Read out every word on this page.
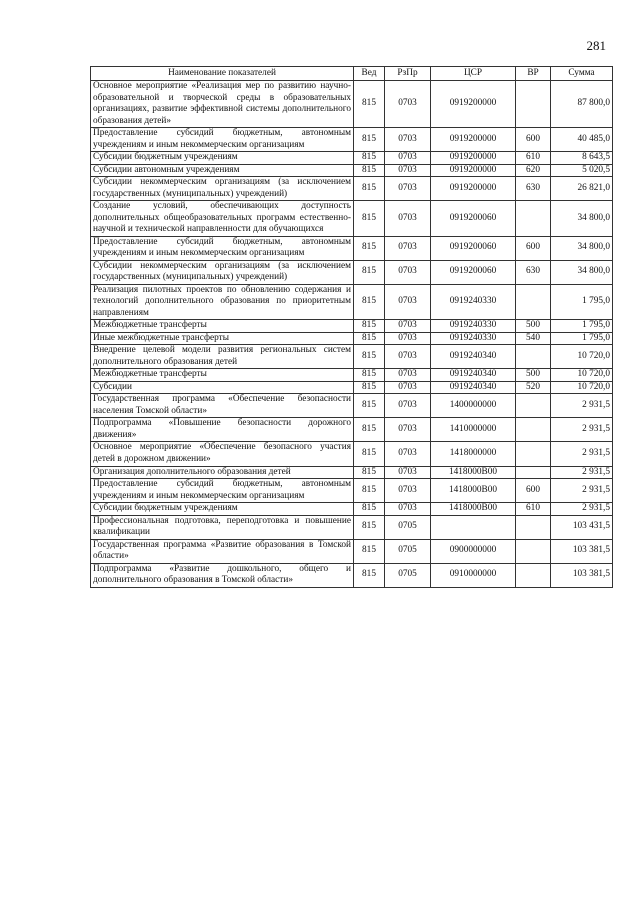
281
Наименование показателей	Вед	РзПр	ЦСР	ВР	Сумма
Основное мероприятие «Реализация мер по развитию научно-образовательной и творческой среды в образовательных организациях, развитие эффективной системы дополнительного образования детей»	815	0703	0919200000		87 800,0
Предоставление субсидий бюджетным, автономным учреждениям и иным некоммерческим организациям	815	0703	0919200000	600	40 485,0
Субсидии бюджетным учреждениям	815	0703	0919200000	610	8 643,5
Субсидии автономным учреждениям	815	0703	0919200000	620	5 020,5
Субсидии некоммерческим организациям (за исключением государственных (муниципальных) учреждений)	815	0703	0919200000	630	26 821,0
Создание условий, обеспечивающих доступность дополнительных общеобразовательных программ естественно-научной и технической направленности для обучающихся	815	0703	0919200060		34 800,0
Предоставление субсидий бюджетным, автономным учреждениям и иным некоммерческим организациям	815	0703	0919200060	600	34 800,0
Субсидии некоммерческим организациям (за исключением государственных (муниципальных) учреждений)	815	0703	0919200060	630	34 800,0
Реализация пилотных проектов по обновлению содержания и технологий дополнительного образования по приоритетным направлениям	815	0703	0919240330		1 795,0
Межбюджетные трансферты	815	0703	0919240330	500	1 795,0
Иные межбюджетные трансферты	815	0703	0919240330	540	1 795,0
Внедрение целевой модели развития региональных систем дополнительного образования детей	815	0703	0919240340		10 720,0
Межбюджетные трансферты	815	0703	0919240340	500	10 720,0
Субсидии	815	0703	0919240340	520	10 720,0
Государственная программа «Обеспечение безопасности населения Томской области»	815	0703	1400000000		2 931,5
Подпрограмма «Повышение безопасности дорожного движения»	815	0703	1410000000		2 931,5
Основное мероприятие «Обеспечение безопасного участия детей в дорожном движении»	815	0703	1418000000		2 931,5
Организация дополнительного образования детей	815	0703	1418000В00		2 931,5
Предоставление субсидий бюджетным, автономным учреждениям и иным некоммерческим организациям	815	0703	1418000В00	600	2 931,5
Субсидии бюджетным учреждениям	815	0703	1418000В00	610	2 931,5
Профессиональная подготовка, переподготовка и повышение квалификации	815	0705			103 431,5
Государственная программа «Развитие образования в Томской области»	815	0705	0900000000		103 381,5
Подпрограмма «Развитие дошкольного, общего и дополнительного образования в Томской области»	815	0705	0910000000		103 381,5
